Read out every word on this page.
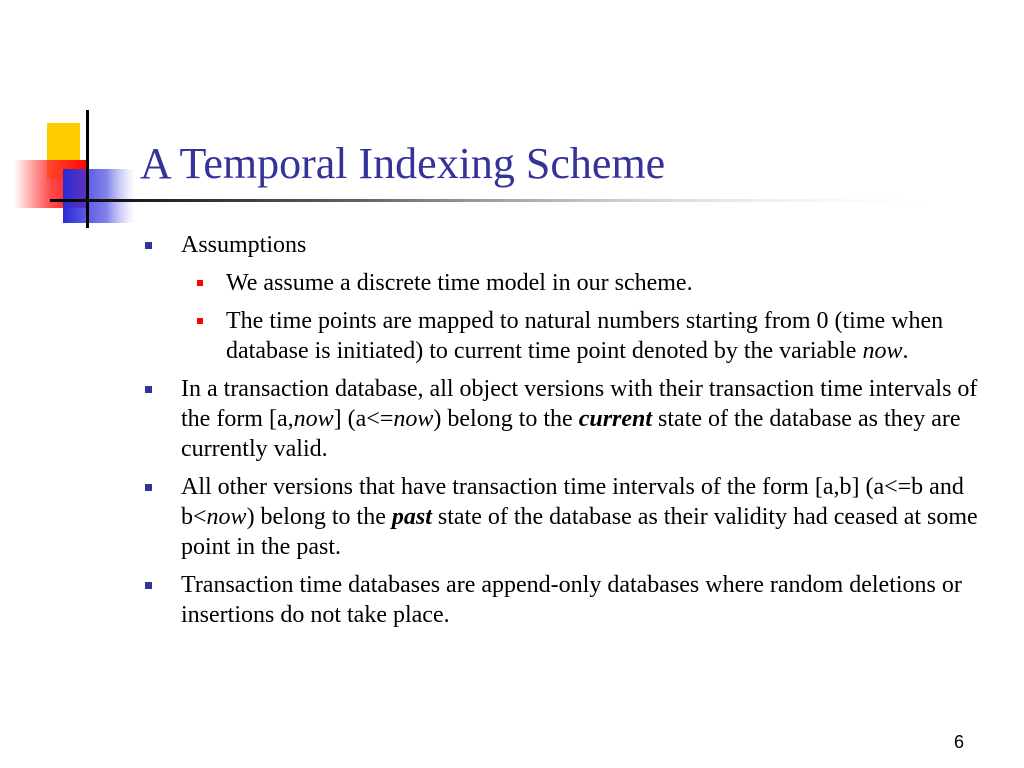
A Temporal Indexing Scheme
Assumptions
We assume a discrete time model in our scheme.
The time points are mapped to natural numbers starting from 0 (time when database is initiated) to current time point denoted by the variable now.
In a transaction database, all object versions with their transaction time intervals of the form [a,now] (a<=now) belong to the current state of the database as they are currently valid.
All other versions that have transaction time intervals of the form [a,b] (a<=b and b<now) belong to the past state of the database as their validity had ceased at some point in the past.
Transaction time databases are append-only databases where random deletions or insertions do not take place.
6
